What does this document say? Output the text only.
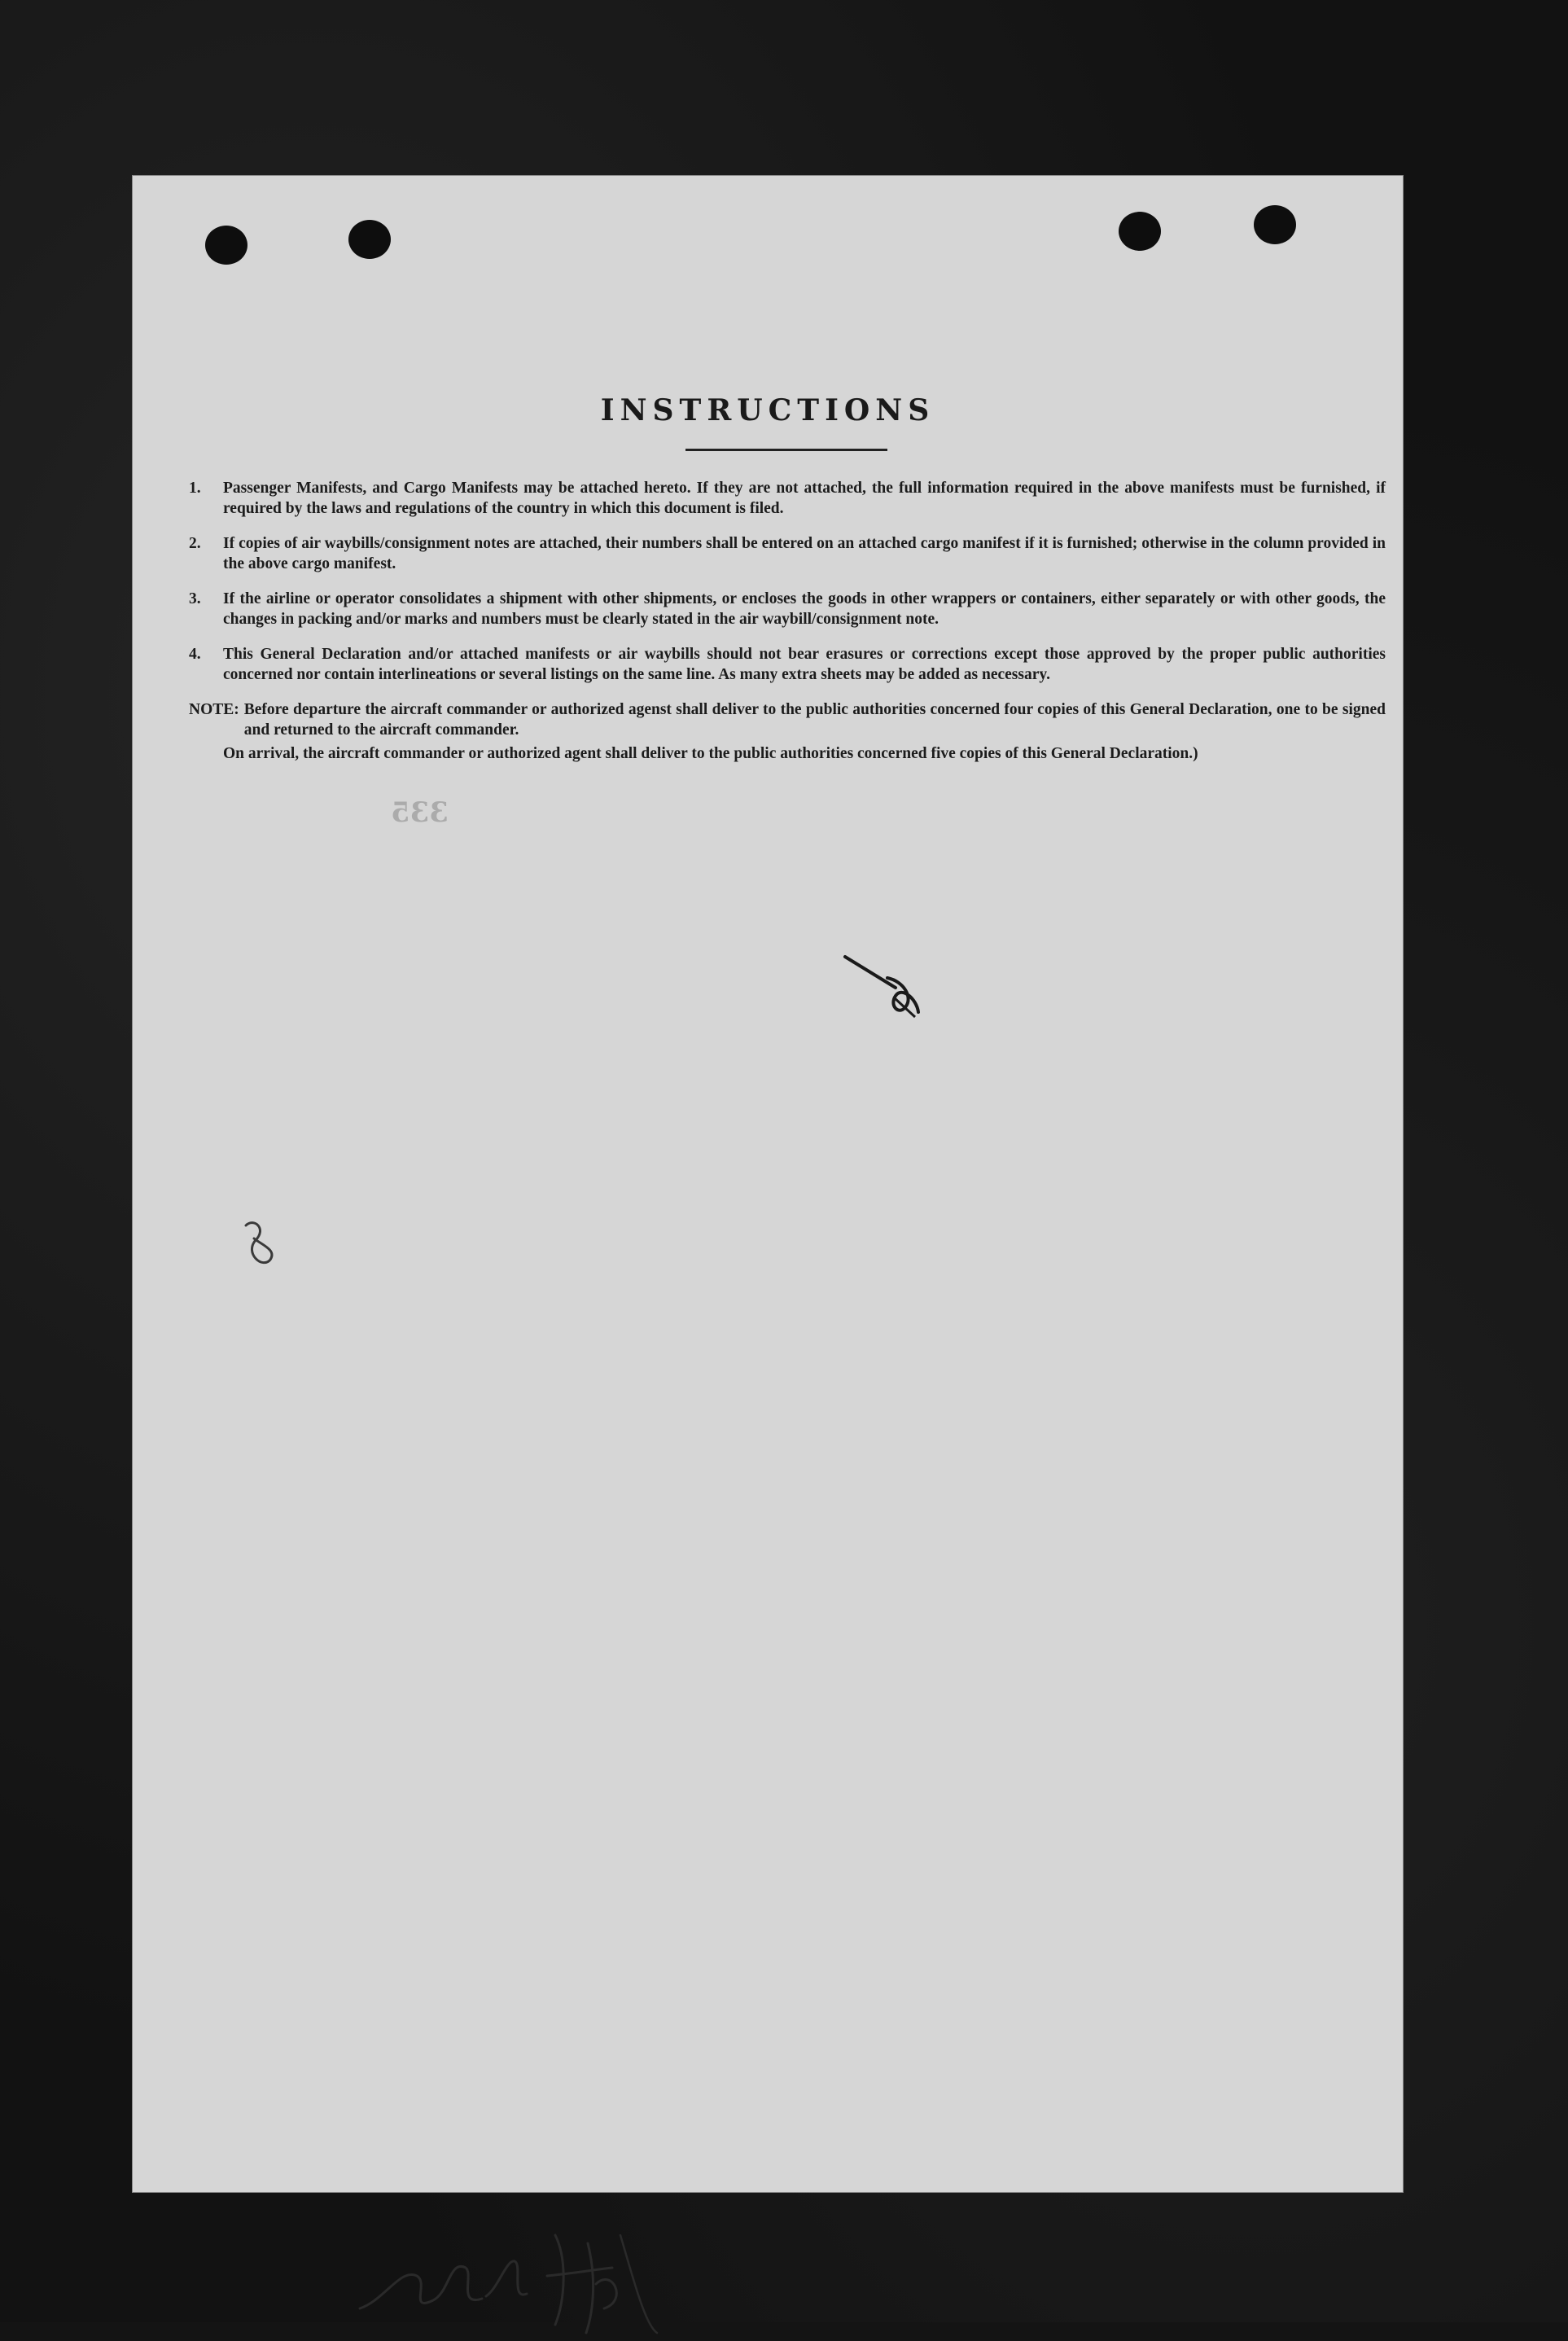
INSTRUCTIONS
1.	Passenger Manifests, and Cargo Manifests may be attached hereto. If they are not attached, the full information required in the above manifests must be furnished, if required by the laws and regulations of the country in which this document is filed.
2.	If copies of air waybills/consignment notes are attached, their numbers shall be entered on an attached cargo manifest if it is furnished; otherwise in the column provided in the above cargo manifest.
3.	If the airline or operator consolidates a shipment with other shipments, or encloses the goods in other wrappers or containers, either separately or with other goods, the changes in packing and/or marks and numbers must be clearly stated in the air waybill/consignment note.
4.	This General Declaration and/or attached manifests or air waybills should not bear erasures or corrections except those approved by the proper public authorities concerned nor contain interlineations or several listings on the same line. As many extra sheets may be added as necessary.
NOTE: Before departure the aircraft commander or authorized agenst shall deliver to the public authorities concerned four copies of this General Declaration, one to be signed and returned to the aircraft commander.
On arrival, the aircraft commander or authorized agent shall deliver to the public authorities concerned five copies of this General Declaration.)

335
